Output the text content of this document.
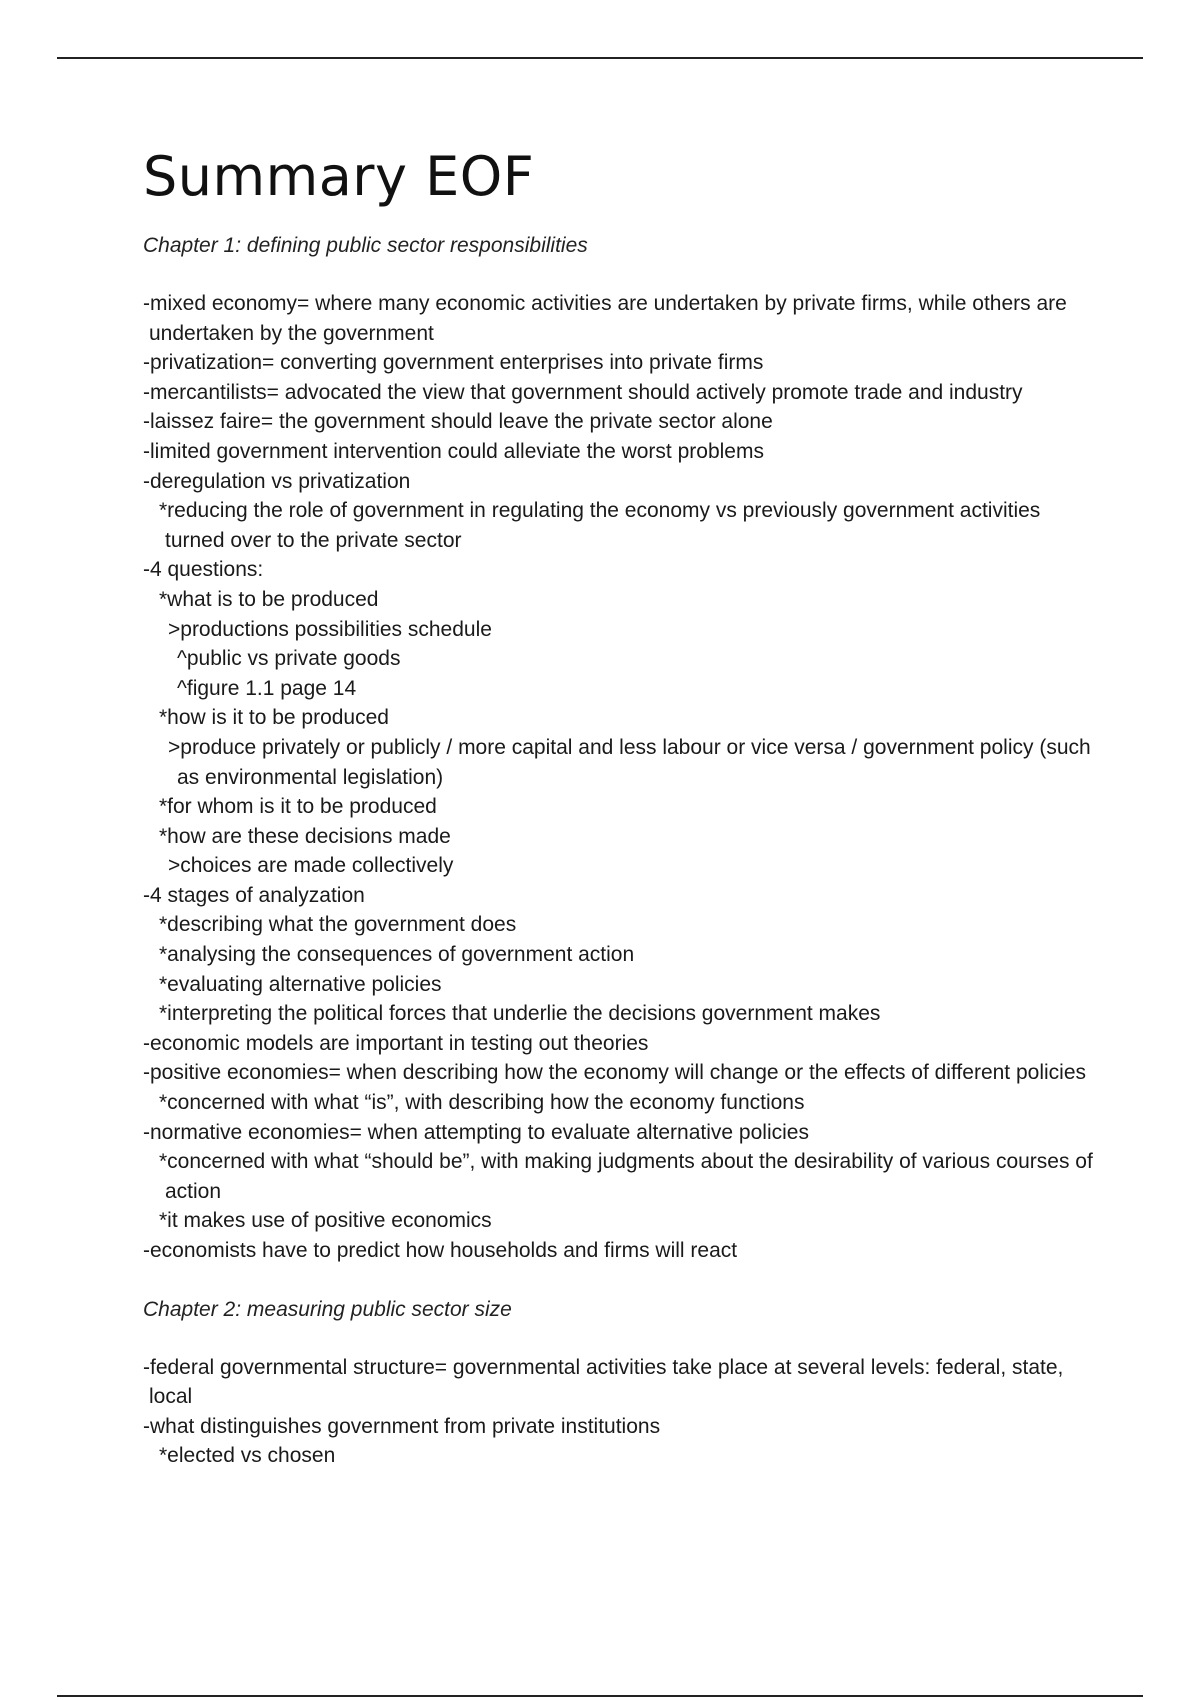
Summary EOF

Chapter 1: defining public sector responsibilities

-mixed economy= where many economic activities are undertaken by private firms, while others are undertaken by the government
-privatization= converting government enterprises into private firms
-mercantilists= advocated the view that government should actively promote trade and industry
-laissez faire= the government should leave the private sector alone
-limited government intervention could alleviate the worst problems
-deregulation vs privatization
*reducing the role of government in regulating the economy vs previously government activities turned over to the private sector
-4 questions:
*what is to be produced
>productions possibilities schedule
^public vs private goods
^figure 1.1 page 14
*how is it to be produced
>produce privately or publicly / more capital and less labour or vice versa / government policy (such as environmental legislation)
*for whom is it to be produced
*how are these decisions made
>choices are made collectively
-4 stages of analyzation
*describing what the government does
*analysing the consequences of government action
*evaluating alternative policies
*interpreting the political forces that underlie the decisions government makes
-economic models are important in testing out theories
-positive economies= when describing how the economy will change or the effects of different policies
*concerned with what “is”, with describing how the economy functions
-normative economies= when attempting to evaluate alternative policies
*concerned with what “should be”, with making judgments about the desirability of various courses of action
*it makes use of positive economics
-economists have to predict how households and firms will react

Chapter 2: measuring public sector size

-federal governmental structure= governmental activities take place at several levels: federal, state, local
-what distinguishes government from private institutions
*elected vs chosen
